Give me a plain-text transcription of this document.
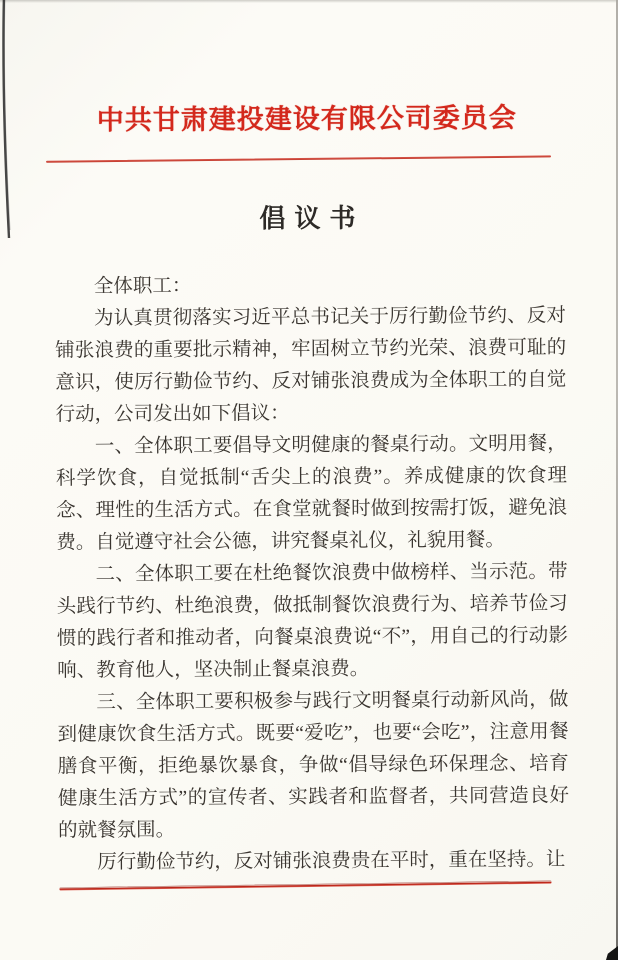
中共甘肃建投建设有限公司委员会
倡议书

全体职工：

为认真贯彻落实习近平总书记关于厉行勤俭节约、反对铺张浪费的重要批示精神，牢固树立节约光荣、浪费可耻的意识，使厉行勤俭节约、反对铺张浪费成为全体职工的自觉行动，公司发出如下倡议：

一、全体职工要倡导文明健康的餐桌行动。文明用餐，科学饮食，自觉抵制“舌尖上的浪费”。养成健康的饮食理念、理性的生活方式。在食堂就餐时做到按需打饭，避免浪费。自觉遵守社会公德，讲究餐桌礼仪，礼貌用餐。

二、全体职工要在杜绝餐饮浪费中做榜样、当示范。带头践行节约、杜绝浪费，做抵制餐饮浪费行为、培养节俭习惯的践行者和推动者，向餐桌浪费说“不”，用自己的行动影响、教育他人，坚决制止餐桌浪费。

三、全体职工要积极参与践行文明餐桌行动新风尚，做到健康饮食生活方式。既要“爱吃”，也要“会吃”，注意用餐膳食平衡，拒绝暴饮暴食，争做“倡导绿色环保理念、培育健康生活方式”的宣传者、实践者和监督者，共同营造良好的就餐氛围。

厉行勤俭节约，反对铺张浪费贵在平时，重在坚持。让
